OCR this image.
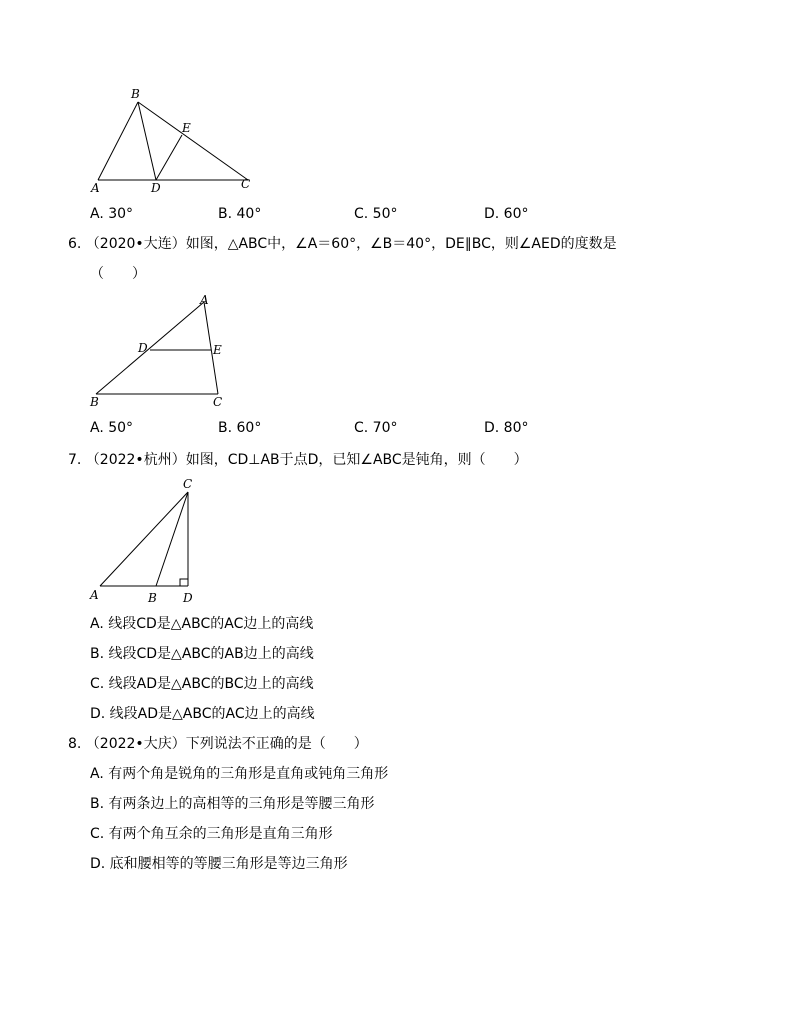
B
E
A	D	C
A. 30°	B. 40°	C. 50°	D. 60°
6. （2020•大连）如图，△ABC中，∠A＝60°，∠B＝40°，DE∥BC，则∠AED的度数是
（　　）
A
D	E
B	C
A. 50°	B. 60°	C. 70°	D. 80°
7. （2022•杭州）如图，CD⊥AB于点D，已知∠ABC是钝角，则（　　）
C
A	B D
A. 线段CD是△ABC的AC边上的高线
B. 线段CD是△ABC的AB边上的高线
C. 线段AD是△ABC的BC边上的高线
D. 线段AD是△ABC的AC边上的高线
8. （2022•大庆）下列说法不正确的是（　　）
A. 有两个角是锐角的三角形是直角或钝角三角形
B. 有两条边上的高相等的三角形是等腰三角形
C. 有两个角互余的三角形是直角三角形
D. 底和腰相等的等腰三角形是等边三角形
